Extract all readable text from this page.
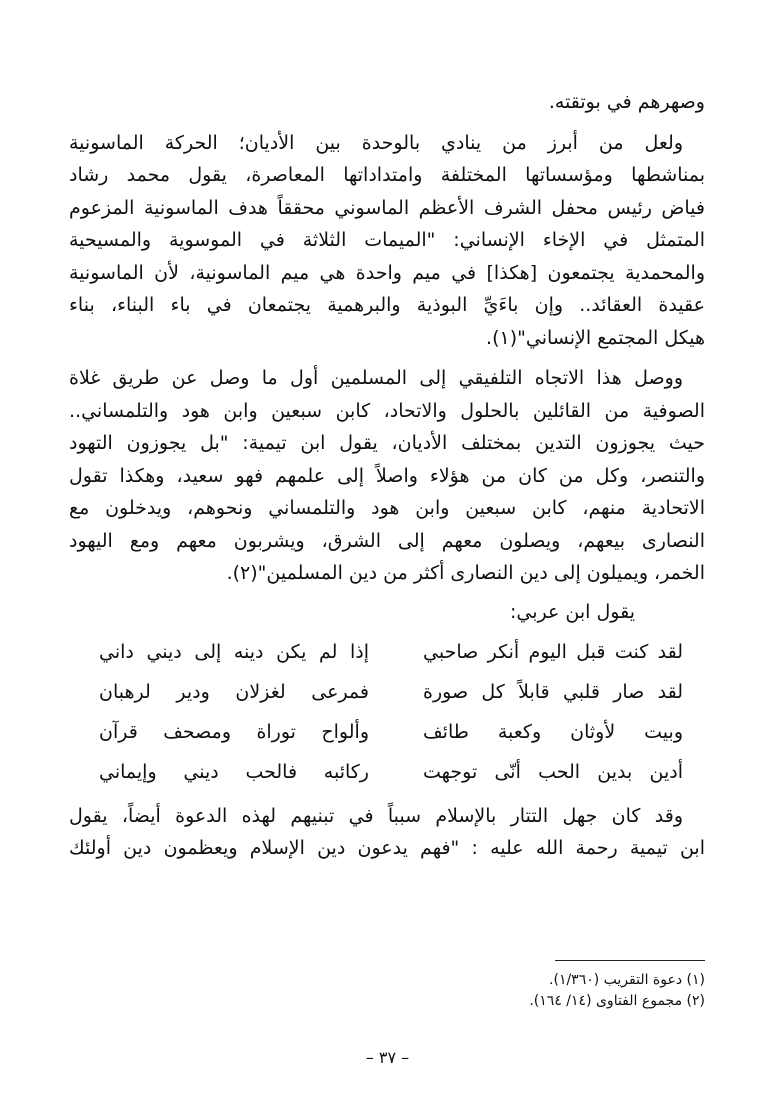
وصهرهم في بوتقته.
ولعل من أبرز من ينادي بالوحدة بين الأديان؛ الحركة الماسونية
بمناشطها ومؤسساتها المختلفة وامتداداتها المعاصرة، يقول محمد رشاد
فياض رئيس محفل الشرف الأعظم الماسوني محققاً هدف الماسونية المزعوم
المتمثل في الإخاء الإنساني: "الميمات الثلاثة في الموسوية والمسيحية
والمحمدية يجتمعون [هكذا] في ميم واحدة هي ميم الماسونية، لأن الماسونية
عقيدة العقائد.. وإن باءَيِّ البوذية والبرهمية يجتمعان في باء البناء، بناء
هيكل المجتمع الإنساني"(١).
ووصل هذا الاتجاه التلفيقي إلى المسلمين أول ما وصل عن طريق غلاة
الصوفية من القائلين بالحلول والاتحاد، كابن سبعين وابن هود والتلمساني..
حيث يجوزون التدين بمختلف الأديان، يقول ابن تيمية: "بل يجوزون التهود
والتنصر، وكل من كان من هؤلاء واصلاً إلى علمهم فهو سعيد، وهكذا تقول
الاتحادية منهم، كابن سبعين وابن هود والتلمساني ونحوهم، ويدخلون مع
النصارى بيعهم، ويصلون معهم إلى الشرق، ويشربون معهم ومع اليهود
الخمر، ويميلون إلى دين النصارى أكثر من دين المسلمين"(٢).
يقول ابن عربي:
لقد كنت قبل اليوم أنكر صاحبي
إذا لم يكن دينه إلى ديني داني
لقد صار قلبي قابلاً كل صورة
فمرعى لغزلان ودير لرهبان
وبيت لأوثان وكعبة طائف
وألواح توراة ومصحف قرآن
أدين بدين الحب أنّى توجهت
ركائبه فالحب ديني وإيماني
وقد كان جهل التتار بالإسلام سبباً في تبنيهم لهذه الدعوة أيضاً، يقول
ابن تيمية رحمة الله عليه : "فهم يدعون دين الإسلام ويعظمون دين أولئك
(١) دعوة التقريب (١/٣٦٠).
(٢) مجموع الفتاوى (١٤/ ١٦٤).
– ٣٧ –
